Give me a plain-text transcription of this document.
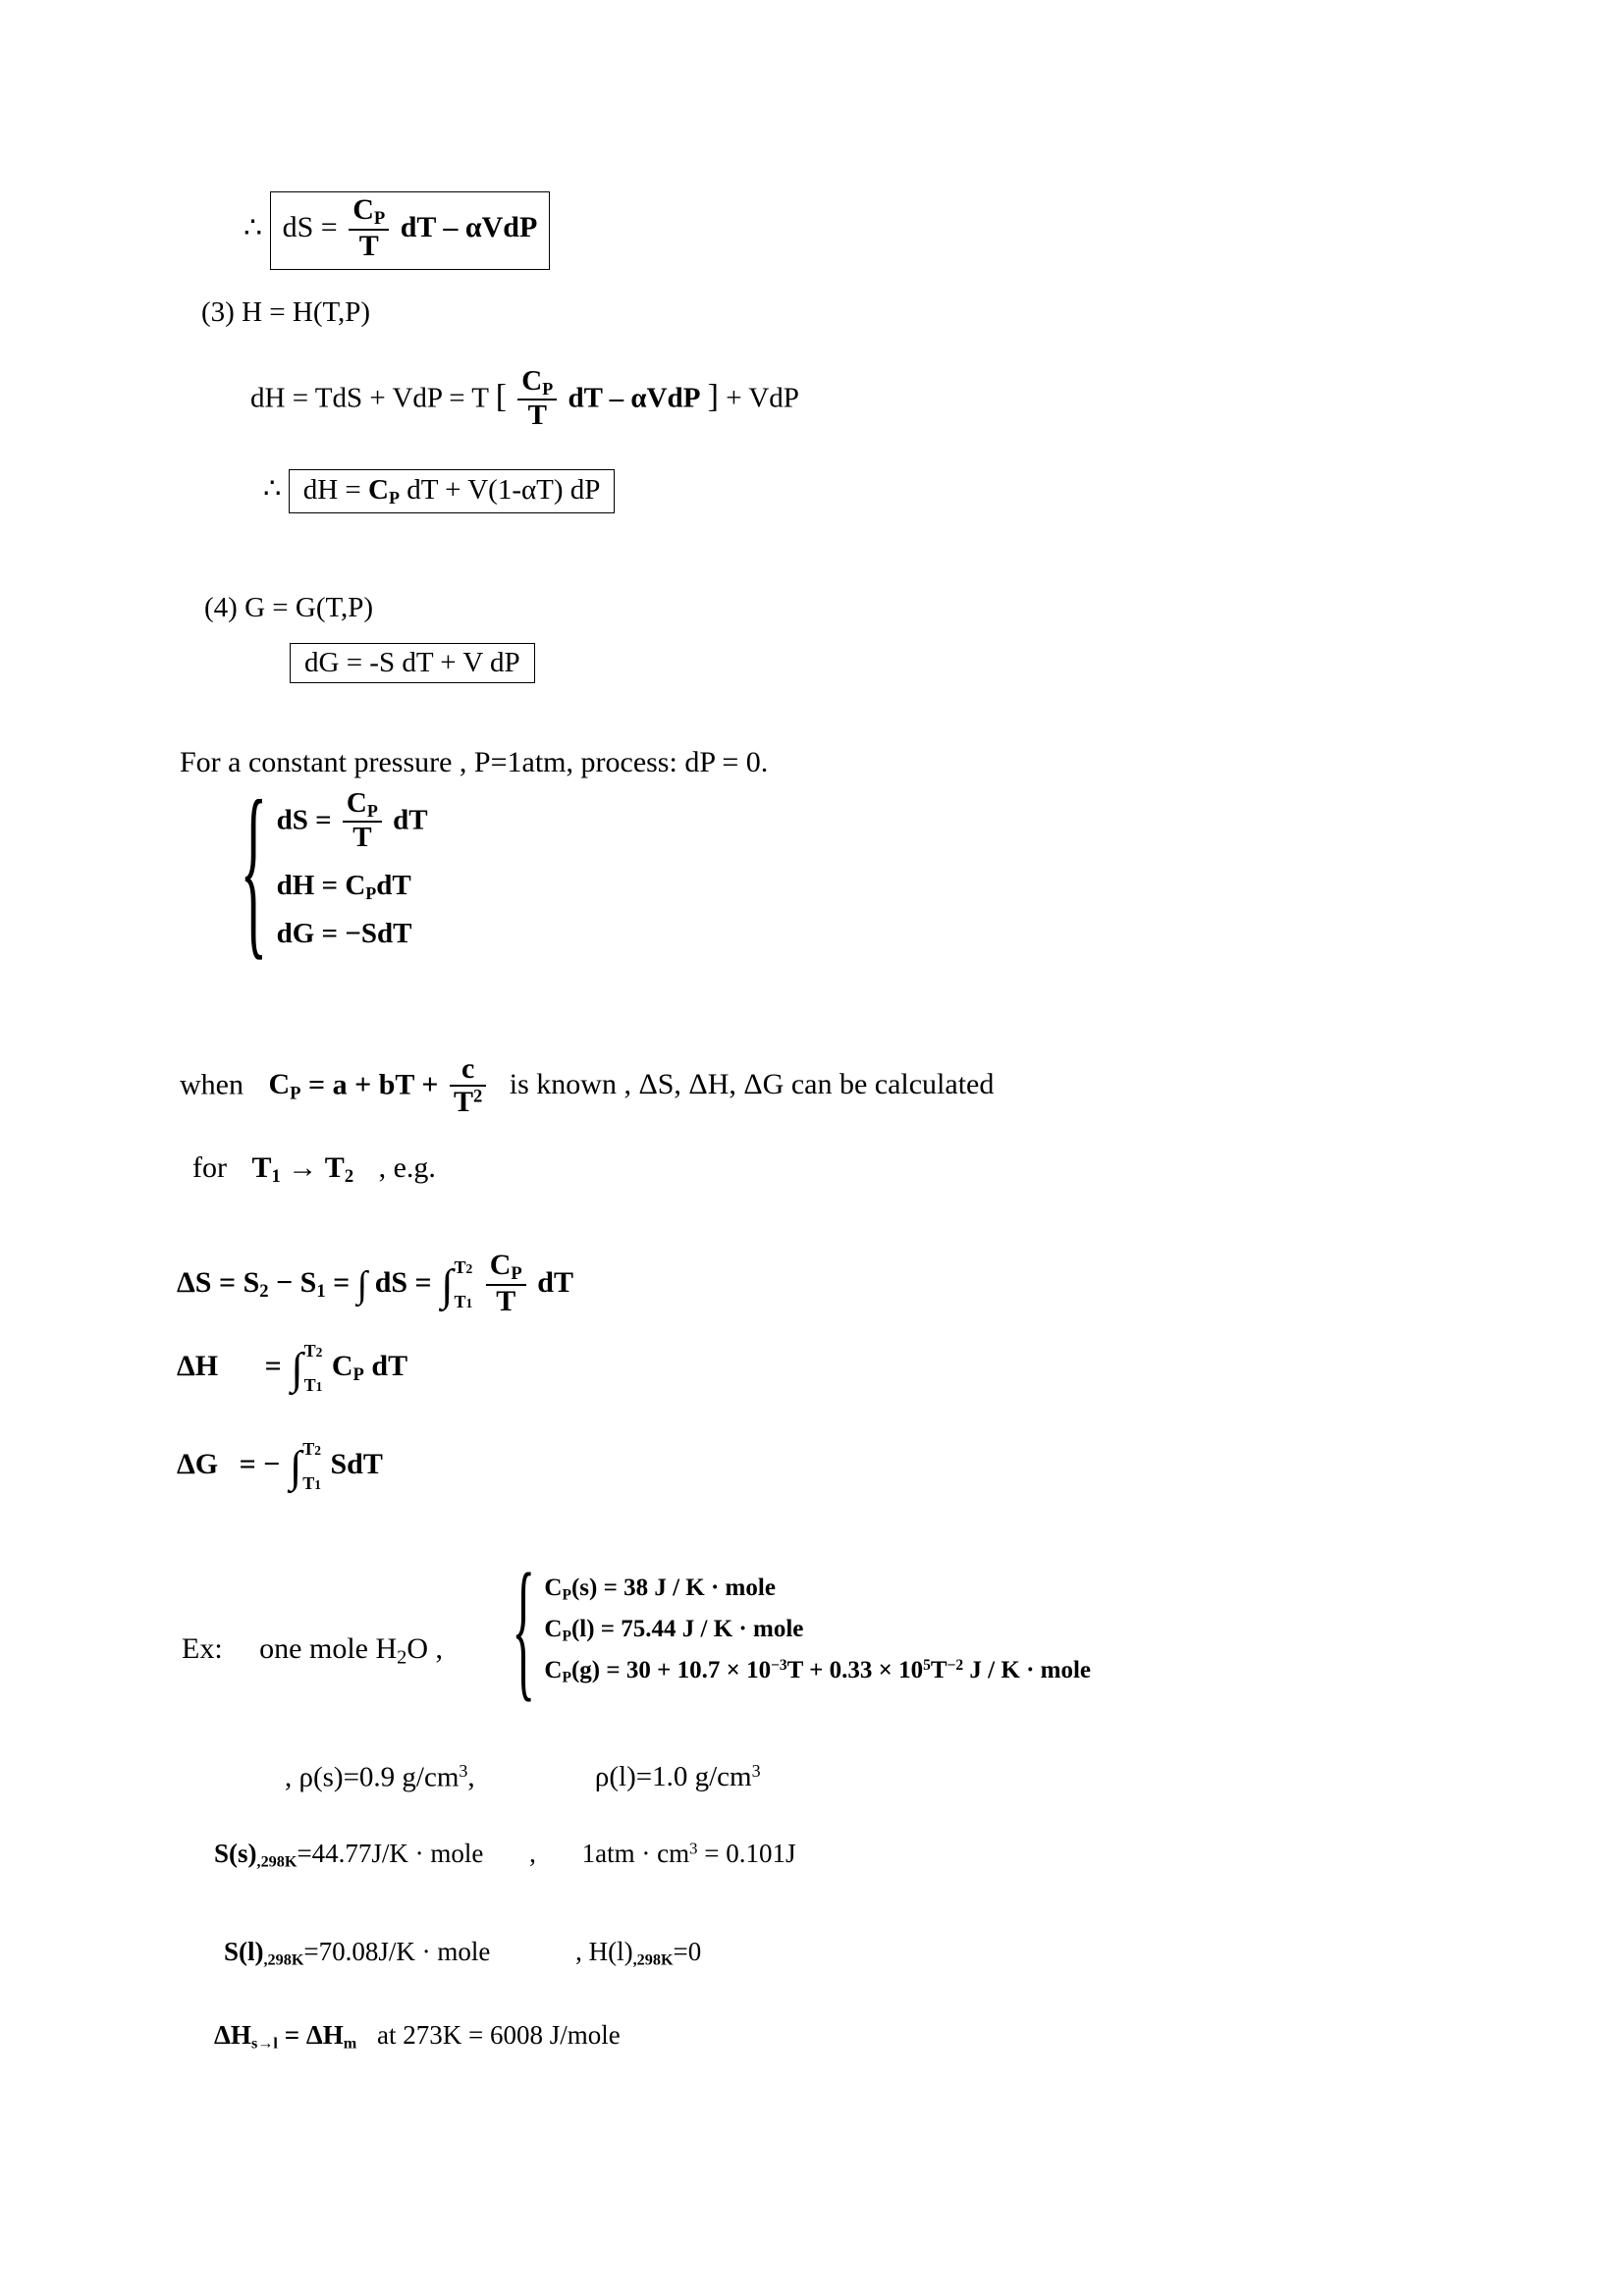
∴ dS = $\frac{C_P}{T}$ dT – αVdP
(3) H = H(T,P)
dH = TdS + VdP = T [ $\frac{C_P}{T}$ dT – αVdP ] + VdP
∴ dH = $C_P$ dT + V(1-αT) dP
(4) G = G(T,P)
dG = -S dT + V dP
For a constant pressure , P=1atm, process: dP = 0.
{ dS = $\frac{C_P}{T}$ dT
dH = $C_PdT$
dG = −SdT
when $C_P = a$ + bT + $\frac{c}{T^2}$ is known , ΔS, ΔH, ΔG can be calculated
for $T_1 \to T_2$ , e.g.
$\Delta S = S_2 - S_1$ = ∫ dS = ∫ T2
T1
$\frac{C_P}{T}$ dT
ΔH = ∫ T2
T1
$C_P$ dT
ΔG = − ∫ T2
T1
SdT
Ex: one mole $H_2O$ , { $C_P(s) = 38$ J / K · mole
$C_P(l) = 75.44$ J / K · mole
$C_P(g) = 30 + 10.7 \times 10^{-3}T + 0.33 \times 10^5T^{-2}$ J / K · mole
, ρ(s)=0.9 $g/cm^3$,	ρ(l)=1.0 $g/cm^3$
$S(s)_{,298K}=44.77J/K$ · mole , $1atm \cdot cm^3 = 0.101J$
$S(l)_{,298K}=70.08J/K$ · mole	, $H(l)_{,298K}=0$
$\Delta H_{s\to l} = \Delta H_m$ at 273K = 6008 J/mole
